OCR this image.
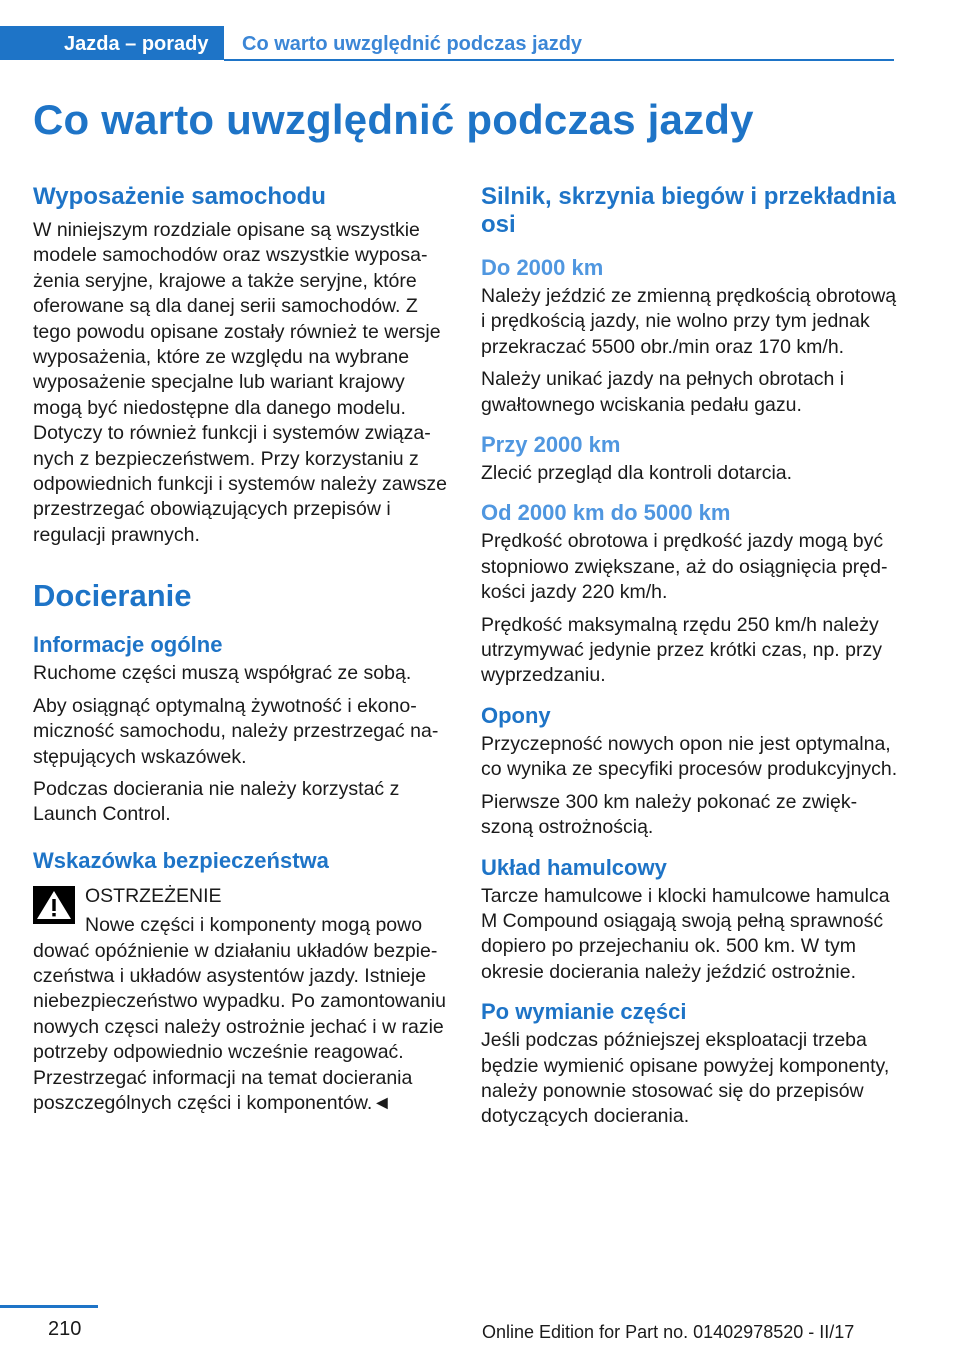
Jazda – porady	Co warto uwzględnić podczas jazdy
Co warto uwzględnić podczas jazdy
Wyposażenie samochodu

W niniejszym rozdziale opisane są wszystkie modele samochodów oraz wszystkie wyposażenia seryjne, krajowe a także seryjne, które oferowane są dla danej serii samochodów. Z tego powodu opisane zostały również te wersje wyposażenia, które ze względu na wybrane wyposażenie specjalne lub wariant krajowy mogą być niedostępne dla danego modelu. Dotyczy to również funkcji i systemów związanych z bezpieczeństwem. Przy korzystaniu z odpowiednich funkcji i systemów należy zawsze przestrzegać obowiązujących przepisów i regulacji prawnych.

Docieranie
Informacje ogólne

Ruchome części muszą współgrać ze sobą.

Aby osiągnąć optymalną żywotność i ekonomiczność samochodu, należy przestrzegać następujących wskazówek.

Podczas docierania nie należy korzystać z Launch Control.

Wskazówka bezpieczeństwa

OSTRZEŻENIE

Nowe części i komponenty mogą powo

dować opóźnienie w działaniu układów bezpieczeństwa i układów asystentów jazdy. Istnieje niebezpieczeństwo wypadku. Po zamontowaniu nowych częsci należy ostrożnie jechać i w razie potrzeby odpowiednio wcześnie reagować. Przestrzegać informacji na temat docierania poszczególnych części i komponentów.◄

Silnik, skrzynia biegów i przekładnia osi
Do 2000 km

Należy jeździć ze zmienną prędkością obrotową i prędkością jazdy, nie wolno przy tym jednak przekraczać 5500 obr./min oraz 170 km/h.

Należy unikać jazdy na pełnych obrotach i gwałtownego wciskania pedału gazu.

Przy 2000 km

Zlecić przegląd dla kontroli dotarcia.

Od 2000 km do 5000 km

Prędkość obrotowa i prędkość jazdy mogą być stopniowo zwiększane, aż do osiągnięcia prędkości jazdy 220 km/h.

Prędkość maksymalną rzędu 250 km/h należy utrzymywać jedynie przez krótki czas, np. przy wyprzedzaniu.

Opony

Przyczepność nowych opon nie jest optymalna, co wynika ze specyfiki procesów produkcyjnych.

Pierwsze 300 km należy pokonać ze zwiększoną ostrożnością.

Układ hamulcowy

Tarcze hamulcowe i klocki hamulcowe hamulca M Compound osiągają swoją pełną sprawność dopiero po przejechaniu ok. 500 km. W tym okresie docierania należy jeździć ostrożnie.

Po wymianie części

Jeśli podczas późniejszej eksploatacji trzeba będzie wymienić opisane powyżej komponenty, należy ponownie stosować się do przepisów dotyczących docierania.

210	Online Edition for Part no. 01402978520 - II/17
